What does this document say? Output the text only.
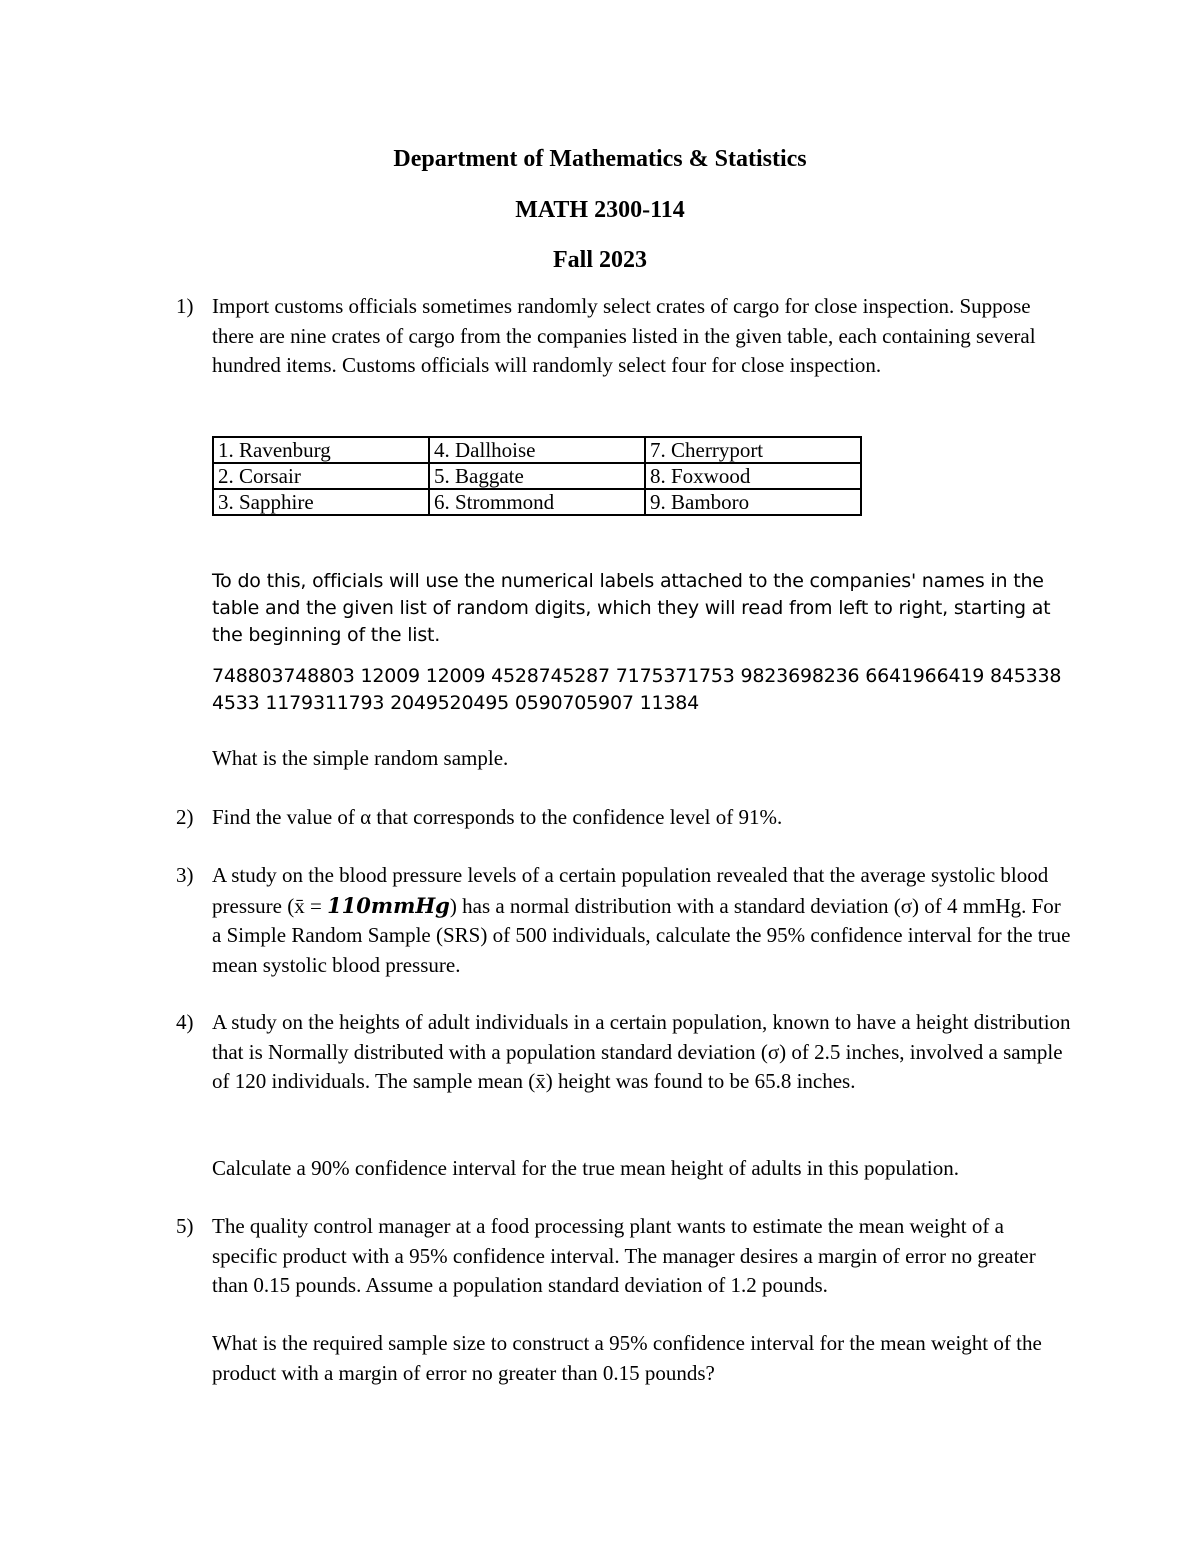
Department of Mathematics & Statistics
MATH 2300-114
Fall 2023
1) Import customs officials sometimes randomly select crates of cargo for close inspection. Suppose there are nine crates of cargo from the companies listed in the given table, each containing several hundred items. Customs officials will randomly select four for close inspection.
1. Ravenburg	4. Dallhoise	7. Cherryport
2. Corsair	5. Baggate	8. Foxwood
3. Sapphire	6. Strommond	9. Bamboro
To do this, officials will use the numerical labels attached to the companies' names in the table and the given list of random digits, which they will read from left to right, starting at the beginning of the list.
748803748803 12009 12009 4528745287 7175371753 9823698236 6641966419 845338 4533 1179311793 2049520495 0590705907 11384
What is the simple random sample.
2) Find the value of α that corresponds to the confidence level of 91%.
3) A study on the blood pressure levels of a certain population revealed that the average systolic blood pressure (x̄ = 110mmHg) has a normal distribution with a standard deviation (σ) of 4 mmHg. For a Simple Random Sample (SRS) of 500 individuals, calculate the 95% confidence interval for the true mean systolic blood pressure.
4) A study on the heights of adult individuals in a certain population, known to have a height distribution that is Normally distributed with a population standard deviation (σ) of 2.5 inches, involved a sample of 120 individuals. The sample mean (x̄) height was found to be 65.8 inches.
Calculate a 90% confidence interval for the true mean height of adults in this population.
5) The quality control manager at a food processing plant wants to estimate the mean weight of a specific product with a 95% confidence interval. The manager desires a margin of error no greater than 0.15 pounds. Assume a population standard deviation of 1.2 pounds.
What is the required sample size to construct a 95% confidence interval for the mean weight of the product with a margin of error no greater than 0.15 pounds?
